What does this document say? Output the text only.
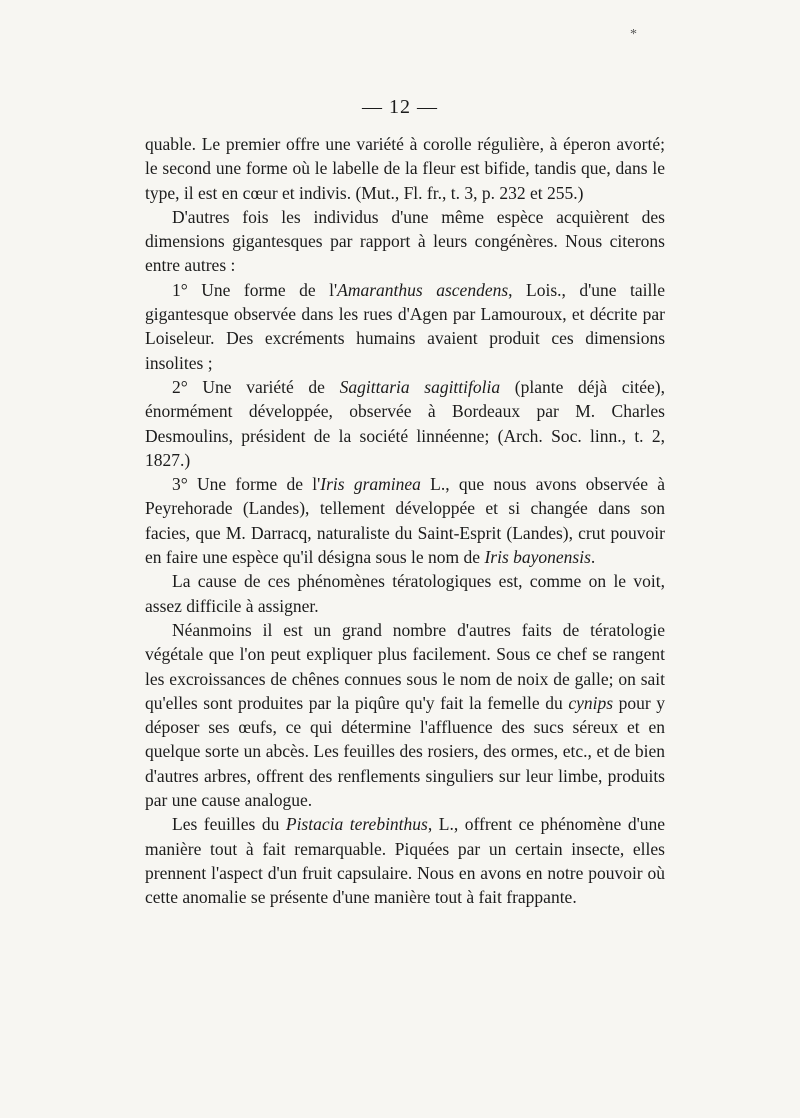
*
— 12 —

quable. Le premier offre une variété à corolle régulière, à éperon avorté; le second une forme où le labelle de la fleur est bifide, tandis que, dans le type, il est en cœur et indivis. (Mut., Fl. fr., t. 3, p. 232 et 255.)

D'autres fois les individus d'une même espèce acquièrent des dimensions gigantesques par rapport à leurs congénères. Nous citerons entre autres :

1° Une forme de l'Amaranthus ascendens, Lois., d'une taille gigantesque observée dans les rues d'Agen par Lamouroux, et décrite par Loiseleur. Des excréments humains avaient produit ces dimensions insolites ;

2° Une variété de Sagittaria sagittifolia (plante déjà citée), énormément développée, observée à Bordeaux par M. Charles Desmoulins, président de la société linnéenne; (Arch. Soc. linn., t. 2, 1827.)

3° Une forme de l'Iris graminea L., que nous avons observée à Peyrehorade (Landes), tellement développée et si changée dans son facies, que M. Darracq, naturaliste du Saint-Esprit (Landes), crut pouvoir en faire une espèce qu'il désigna sous le nom de Iris bayonensis.

La cause de ces phénomènes tératologiques est, comme on le voit, assez difficile à assigner.

Néanmoins il est un grand nombre d'autres faits de tératologie végétale que l'on peut expliquer plus facilement. Sous ce chef se rangent les excroissances de chênes connues sous le nom de noix de galle; on sait qu'elles sont produites par la piqûre qu'y fait la femelle du cynips pour y déposer ses œufs, ce qui détermine l'affluence des sucs séreux et en quelque sorte un abcès. Les feuilles des rosiers, des ormes, etc., et de bien d'autres arbres, offrent des renflements singuliers sur leur limbe, produits par une cause analogue.

Les feuilles du Pistacia terebinthus, L., offrent ce phénomène d'une manière tout à fait remarquable. Piquées par un certain insecte, elles prennent l'aspect d'un fruit capsulaire. Nous en avons en notre pouvoir où cette anomalie se présente d'une manière tout à fait frappante.
